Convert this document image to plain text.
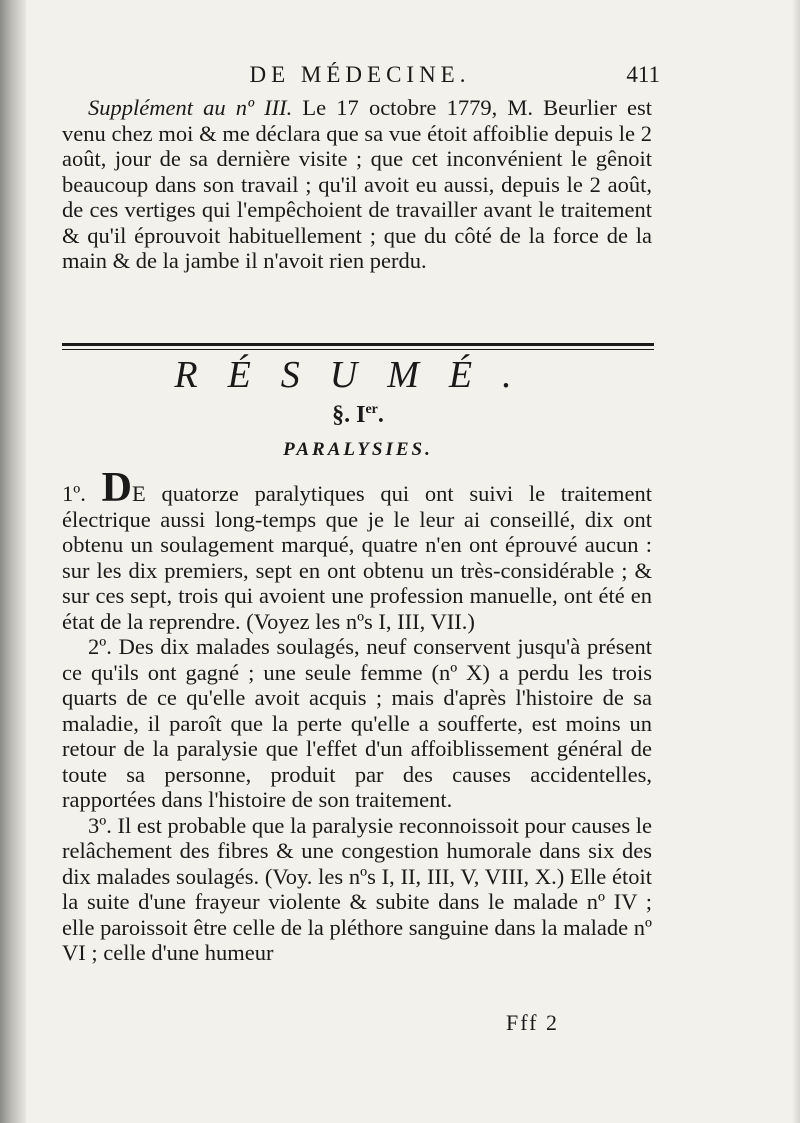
DE MÉDECINE.	411

Supplément au nº III. Le 17 octobre 1779, M. Beurlier est venu chez moi & me déclara que sa vue étoit affoiblie depuis le 2 août, jour de sa dernière visite ; que cet inconvénient le gênoit beaucoup dans son travail ; qu'il avoit eu aussi, depuis le 2 août, de ces vertiges qui l'empêchoient de travailler avant le traitement & qu'il éprouvoit habituellement ; que du côté de la force de la main & de la jambe il n'avoit rien perdu.

RÉSUMÉ.
§. Ier.
PARALYSIES.

1º. DE quatorze paralytiques qui ont suivi le traitement électrique aussi long-temps que je le leur ai conseillé, dix ont obtenu un soulagement marqué, quatre n'en ont éprouvé aucun : sur les dix premiers, sept en ont obtenu un très-considérable ; & sur ces sept, trois qui avoient une profession manuelle, ont été en état de la reprendre. (Voyez les nºs I, III, VII.)

2º. Des dix malades soulagés, neuf conservent jusqu'à présent ce qu'ils ont gagné ; une seule femme (nº X) a perdu les trois quarts de ce qu'elle avoit acquis ; mais d'après l'histoire de sa maladie, il paroît que la perte qu'elle a soufferte, est moins un retour de la paralysie que l'effet d'un affoiblissement général de toute sa personne, produit par des causes accidentelles, rapportées dans l'histoire de son traitement.

3º. Il est probable que la paralysie reconnoissoit pour causes le relâchement des fibres & une congestion humorale dans six des dix malades soulagés. (Voy. les nºs I, II, III, V, VIII, X.) Elle étoit la suite d'une frayeur violente & subite dans le malade nº IV ; elle paroissoit être celle de la pléthore sanguine dans la malade nº VI ; celle d'une humeur

Fff 2
